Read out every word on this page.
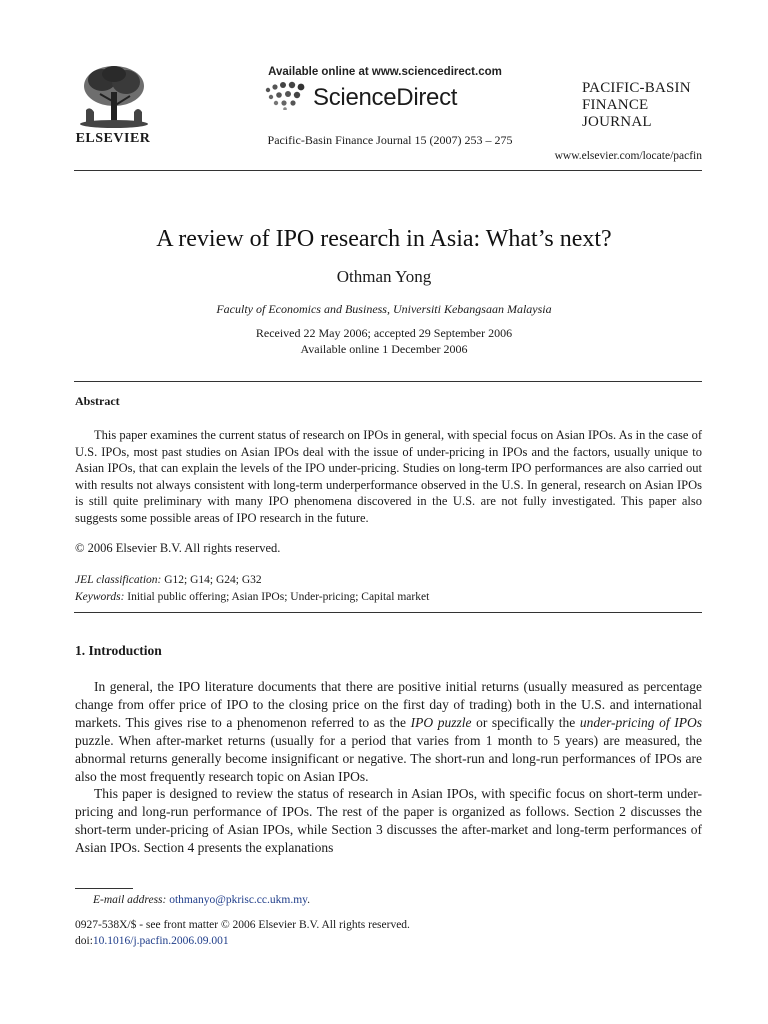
ELSEVIER
Available online at www.sciencedirect.com
ScienceDirect
Pacific-Basin Finance Journal 15 (2007) 253 – 275
PACIFIC-BASIN
FINANCE
JOURNAL
www.elsevier.com/locate/pacfin
A review of IPO research in Asia: What’s next?
Othman Yong
Faculty of Economics and Business, Universiti Kebangsaan Malaysia
Received 22 May 2006; accepted 29 September 2006
Available online 1 December 2006
Abstract

This paper examines the current status of research on IPOs in general, with special focus on Asian IPOs. As in the case of U.S. IPOs, most past studies on Asian IPOs deal with the issue of under-pricing in IPOs and the factors, usually unique to Asian IPOs, that can explain the levels of the IPO under-pricing. Studies on long-term IPO performances are also carried out with results not always consistent with long-term underperformance observed in the U.S. In general, research on Asian IPOs is still quite preliminary with many IPO phenomena discovered in the U.S. are not fully investigated. This paper also suggests some possible areas of IPO research in the future.

© 2006 Elsevier B.V. All rights reserved.
JEL classification: G12; G14; G24; G32
Keywords: Initial public offering; Asian IPOs; Under-pricing; Capital market
1. Introduction

In general, the IPO literature documents that there are positive initial returns (usually measured as percentage change from offer price of IPO to the closing price on the first day of trading) both in the U.S. and international markets. This gives rise to a phenomenon referred to as the IPO puzzle or specifically the under-pricing of IPOs puzzle. When after-market returns (usually for a period that varies from 1 month to 5 years) are measured, the abnormal returns generally become insignificant or negative. The short-run and long-run performances of IPOs are also the most frequently research topic on Asian IPOs.

This paper is designed to review the status of research in Asian IPOs, with specific focus on short-term under-pricing and long-run performance of IPOs. The rest of the paper is organized as follows. Section 2 discusses the short-term under-pricing of Asian IPOs, while Section 3 discusses the after-market and long-term performances of Asian IPOs. Section 4 presents the explanations

E-mail address: othmanyo@pkrisc.cc.ukm.my.
0927-538X/$ - see front matter © 2006 Elsevier B.V. All rights reserved.
doi:10.1016/j.pacfin.2006.09.001
